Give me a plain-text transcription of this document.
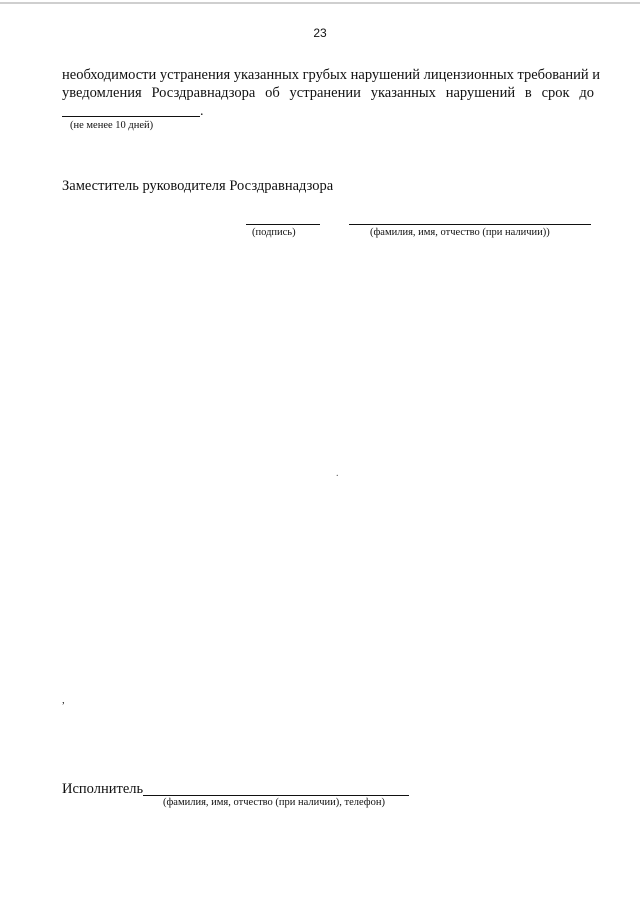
23
необходимости устранения указанных грубых нарушений лицензионных требований и
уведомления Росздравнадзора об устранении указанных нарушений в срок до
.
(не менее 10 дней)
Заместитель руководителя Росздравнадзора
(подпись)	(фамилия, имя, отчество (при наличии))
.
,
Исполнитель
(фамилия, имя, отчество (при наличии), телефон)
